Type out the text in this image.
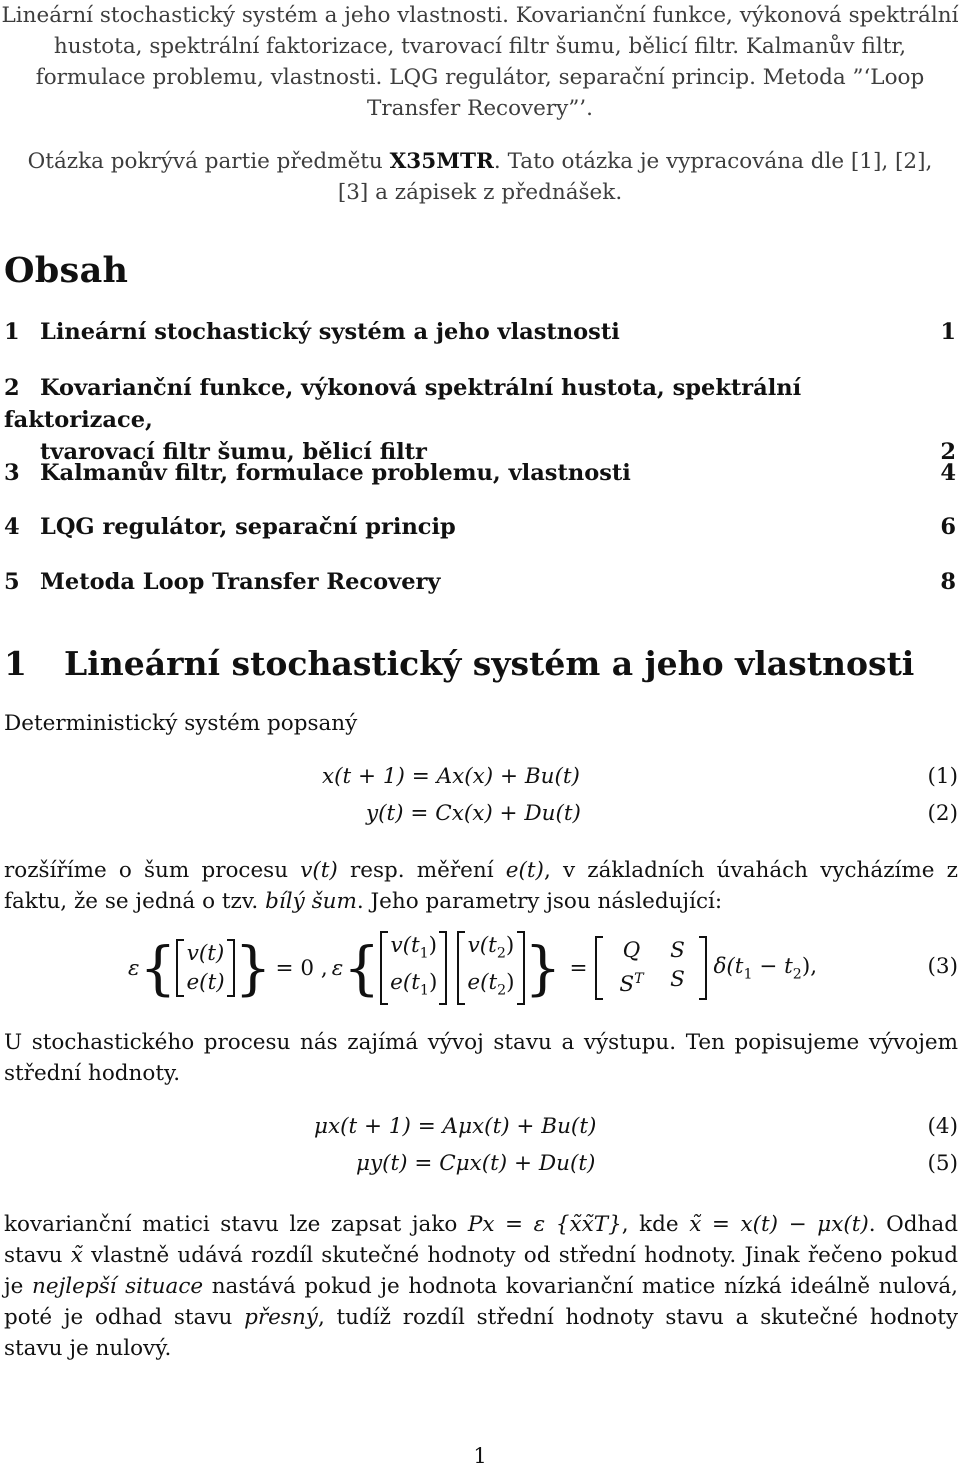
Lineární stochastický systém a jeho vlastnosti. Kovarianční funkce, výkonová spektrální

hustota, spektrální faktorizace, tvarovací filtr šumu, bělicí filtr. Kalmanův filtr,

formulace problemu, vlastnosti. LQG regulátor, separační princip. Metoda ”‘Loop

Transfer Recovery”’.

Otázka pokrývá partie předmětu X35MTR. Tato otázka je vypracována dle [1], [2],

[3] a zápisek z přednášek.

Obsah
1 Lineární stochastický systém a jeho vlastnosti	1
2 Kovarianční funkce, výkonová spektrální hustota, spektrální faktorizace,
tvarovací filtr šumu, bělicí filtr	2
3 Kalmanův filtr, formulace problemu, vlastnosti	4
4 LQG regulátor, separační princip	6
5 Metoda Loop Transfer Recovery	8
1 Lineární stochastický systém a jeho vlastnosti
Deterministický systém popsaný
x(t + 1) = Ax(x) + Bu(t)	(1)
y(t) = Cx(x) + Du(t)	(2)
rozšíříme o šum procesu v(t) resp. měření e(t), v základních úvahách vycházíme z faktu, že se jedná o tzv. bílý šum. Jeho parametry jsou následující:
ε { v(t)
e(t) } = 0 , ε { $v(t_1)$
$e(t_1)$
$v(t_2)$
$e(t_2)$ } =
Q	S
$S^T$	S
$\delta(t_1 - t_2)$,	(3)
U stochastického procesu nás zajímá vývoj stavu a výstupu. Ten popisujeme vývojem střední hodnoty.
μx(t + 1) = Aμx(t) + Bu(t)	(4)
μy(t) = Cμx(t) + Du(t)	(5)
kovarianční matici stavu lze zapsat jako Px = ε {x̃x̃T}, kde x̃ = x(t) − μx(t). Odhad stavu x̃ vlastně udává rozdíl skutečné hodnoty od střední hodnoty. Jinak řečeno pokud je nejlepší situace nastává pokud je hodnota kovarianční matice nízká ideálně nulová, poté je odhad stavu přesný, tudíž rozdíl střední hodnoty stavu a skutečné hodnoty stavu je nulový.
1
